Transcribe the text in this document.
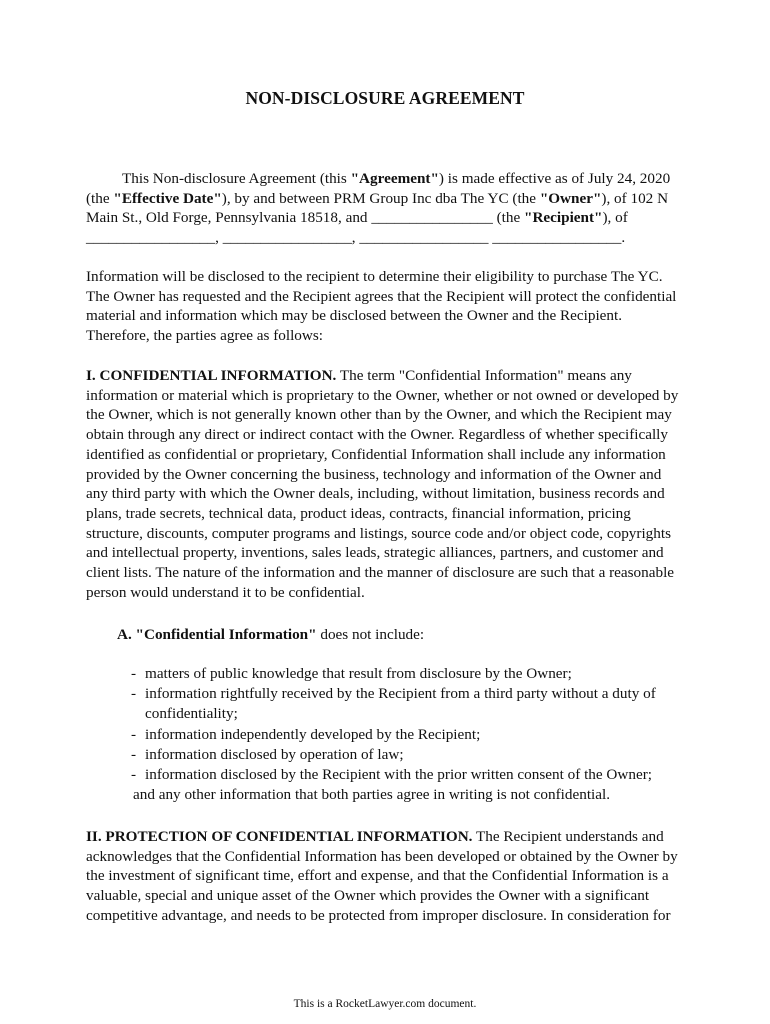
NON-DISCLOSURE AGREEMENT
This Non-disclosure Agreement (this "Agreement") is made effective as of July 24, 2020 (the "Effective Date"), by and between PRM Group Inc dba The YC (the "Owner"), of 102 N Main St., Old Forge, Pennsylvania 18518, and ________________ (the "Recipient"), of _________________, _________________, _________________ _________________.
Information will be disclosed to the recipient to determine their eligibility to purchase The YC. The Owner has requested and the Recipient agrees that the Recipient will protect the confidential material and information which may be disclosed between the Owner and the Recipient. Therefore, the parties agree as follows:
I. CONFIDENTIAL INFORMATION. The term "Confidential Information" means any information or material which is proprietary to the Owner, whether or not owned or developed by the Owner, which is not generally known other than by the Owner, and which the Recipient may obtain through any direct or indirect contact with the Owner. Regardless of whether specifically identified as confidential or proprietary, Confidential Information shall include any information provided by the Owner concerning the business, technology and information of the Owner and any third party with which the Owner deals, including, without limitation, business records and plans, trade secrets, technical data, product ideas, contracts, financial information, pricing structure, discounts, computer programs and listings, source code and/or object code, copyrights and intellectual property, inventions, sales leads, strategic alliances, partners, and customer and client lists. The nature of the information and the manner of disclosure are such that a reasonable person would understand it to be confidential.
A. "Confidential Information" does not include:
- matters of public knowledge that result from disclosure by the Owner;
- information rightfully received by the Recipient from a third party without a duty of confidentiality;
- information independently developed by the Recipient;
- information disclosed by operation of law;
- information disclosed by the Recipient with the prior written consent of the Owner;
and any other information that both parties agree in writing is not confidential.
II. PROTECTION OF CONFIDENTIAL INFORMATION. The Recipient understands and acknowledges that the Confidential Information has been developed or obtained by the Owner by the investment of significant time, effort and expense, and that the Confidential Information is a valuable, special and unique asset of the Owner which provides the Owner with a significant competitive advantage, and needs to be protected from improper disclosure. In consideration for
This is a RocketLawyer.com document.
